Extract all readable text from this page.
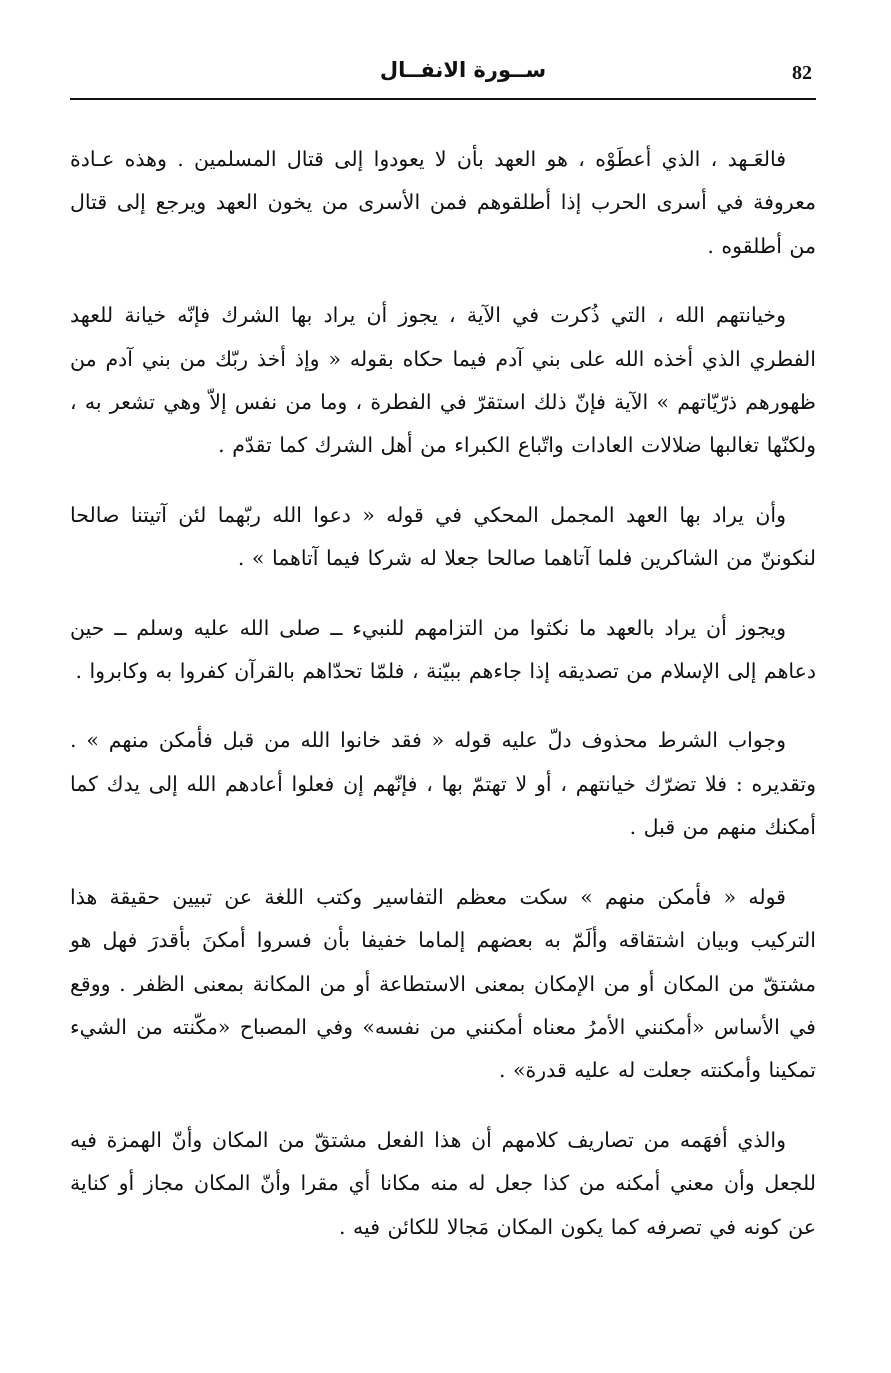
ســورة الانفــال	82

فالعَـهد ، الذي أعطَوْه ، هو العهد بأن لا يعودوا إلى قتال المسلمين . وهذه عـادة معروفة في أسرى الحرب إذا أطلقوهم فمن الأسرى من يخون العهد ويرجع إلى قتال من أطلقوه .

وخيانتهم الله ، التي ذُكرت في الآية ، يجوز أن يراد بها الشرك فإنّه خيانة للعهد الفطري الذي أخذه الله على بني آدم فيما حكاه بقوله « وإذ أخذ ربّك من بني آدم من ظهورهم ذرّيّاتهم » الآية فإنّ ذلك استقرّ في الفطرة ، وما من نفس إلاّ وهي تشعر به ، ولكنّها تغالبها ضلالات العادات واتّباع الكبراء من أهل الشرك كما تقدّم .

وأن يراد بها العهد المجمل المحكي في قوله « دعوا الله ربّهما لئن آتيتنا صالحا لنكوننّ من الشاكرين فلما آتاهما صالحا جعلا له شركا فيما آتاهما » .

ويجوز أن يراد بالعهد ما نكثوا من التزامهم للنبيء ــ صلى الله عليه وسلم ــ حين دعاهم إلى الإسلام من تصديقه إذا جاءهم ببيّنة ، فلمّا تحدّاهم بالقرآن كفروا به وكابروا .

وجواب الشرط محذوف دلّ عليه قوله « فقد خانوا الله من قبل فأمكن منهم » . وتقديره : فلا تضرّك خيانتهم ، أو لا تهتمّ بها ، فإنّهم إن فعلوا أعادهم الله إلى يدك كما أمكنك منهم من قبل .

قوله « فأمكن منهم » سكت معظم التفاسير وكتب اللغة عن تبيين حقيقة هذا التركيب وبيان اشتقاقه وألَمّ به بعضهم إلماما خفيفا بأن فسروا أمكنَ بأقدرَ فهل هو مشتقّ من المكان أو من الإمكان بمعنى الاستطاعة أو من المكانة بمعنى الظفر . ووقع في الأساس «أمكنني الأمرُ معناه أمكنني من نفسه» وفي المصباح «مكّنته من الشيء تمكينا وأمكنته جعلت له عليه قدرة» .

والذي أفهَمه من تصاريف كلامهم أن هذا الفعل مشتقّ من المكان وأنّ الهمزة فيه للجعل وأن معني أمكنه من كذا جعل له منه مكانا أي مقرا وأنّ المكان مجاز أو كناية عن كونه في تصرفه كما يكون المكان مَجالا للكائن فيه .
